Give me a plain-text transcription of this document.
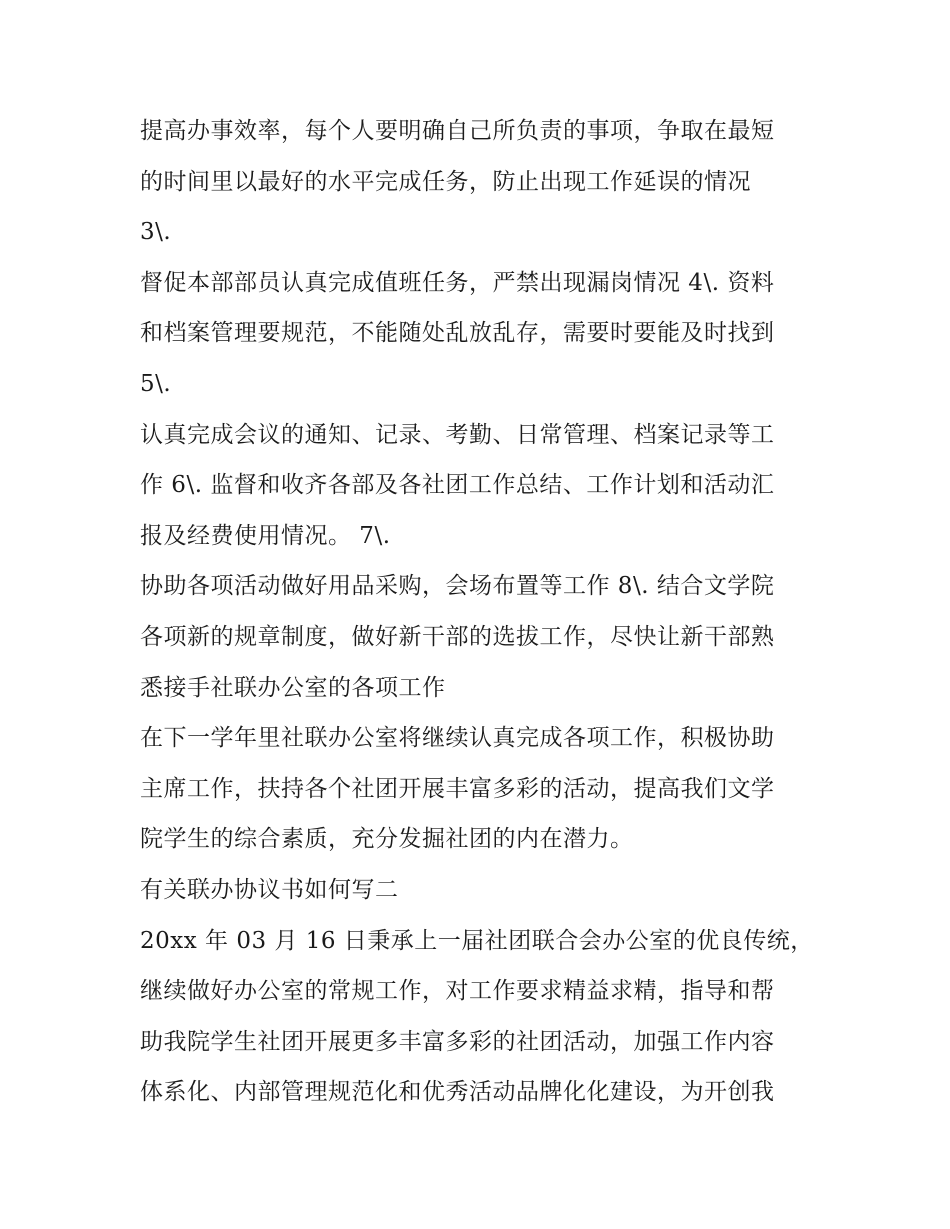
提高办事效率，每个人要明确自己所负责的事项，争取在最短
的时间里以最好的水平完成任务，防止出现工作延误的情况
3\.
督促本部部员认真完成值班任务，严禁出现漏岗情况 4\. 资料
和档案管理要规范，不能随处乱放乱存，需要时要能及时找到
5\.
认真完成会议的通知、记录、考勤、日常管理、档案记录等工
作 6\. 监督和收齐各部及各社团工作总结、工作计划和活动汇
报及经费使用情况。 7\.
协助各项活动做好用品采购，会场布置等工作 8\. 结合文学院
各项新的规章制度，做好新干部的选拔工作，尽快让新干部熟
悉接手社联办公室的各项工作
在下一学年里社联办公室将继续认真完成各项工作，积极协助
主席工作，扶持各个社团开展丰富多彩的活动，提高我们文学
院学生的综合素质，充分发掘社团的内在潜力。
有关联办协议书如何写二
20xx 年 03 月 16 日秉承上一届社团联合会办公室的优良传统，
继续做好办公室的常规工作，对工作要求精益求精，指导和帮
助我院学生社团开展更多丰富多彩的社团活动，加强工作内容
体系化、内部管理规范化和优秀活动品牌化化建设，为开创我
